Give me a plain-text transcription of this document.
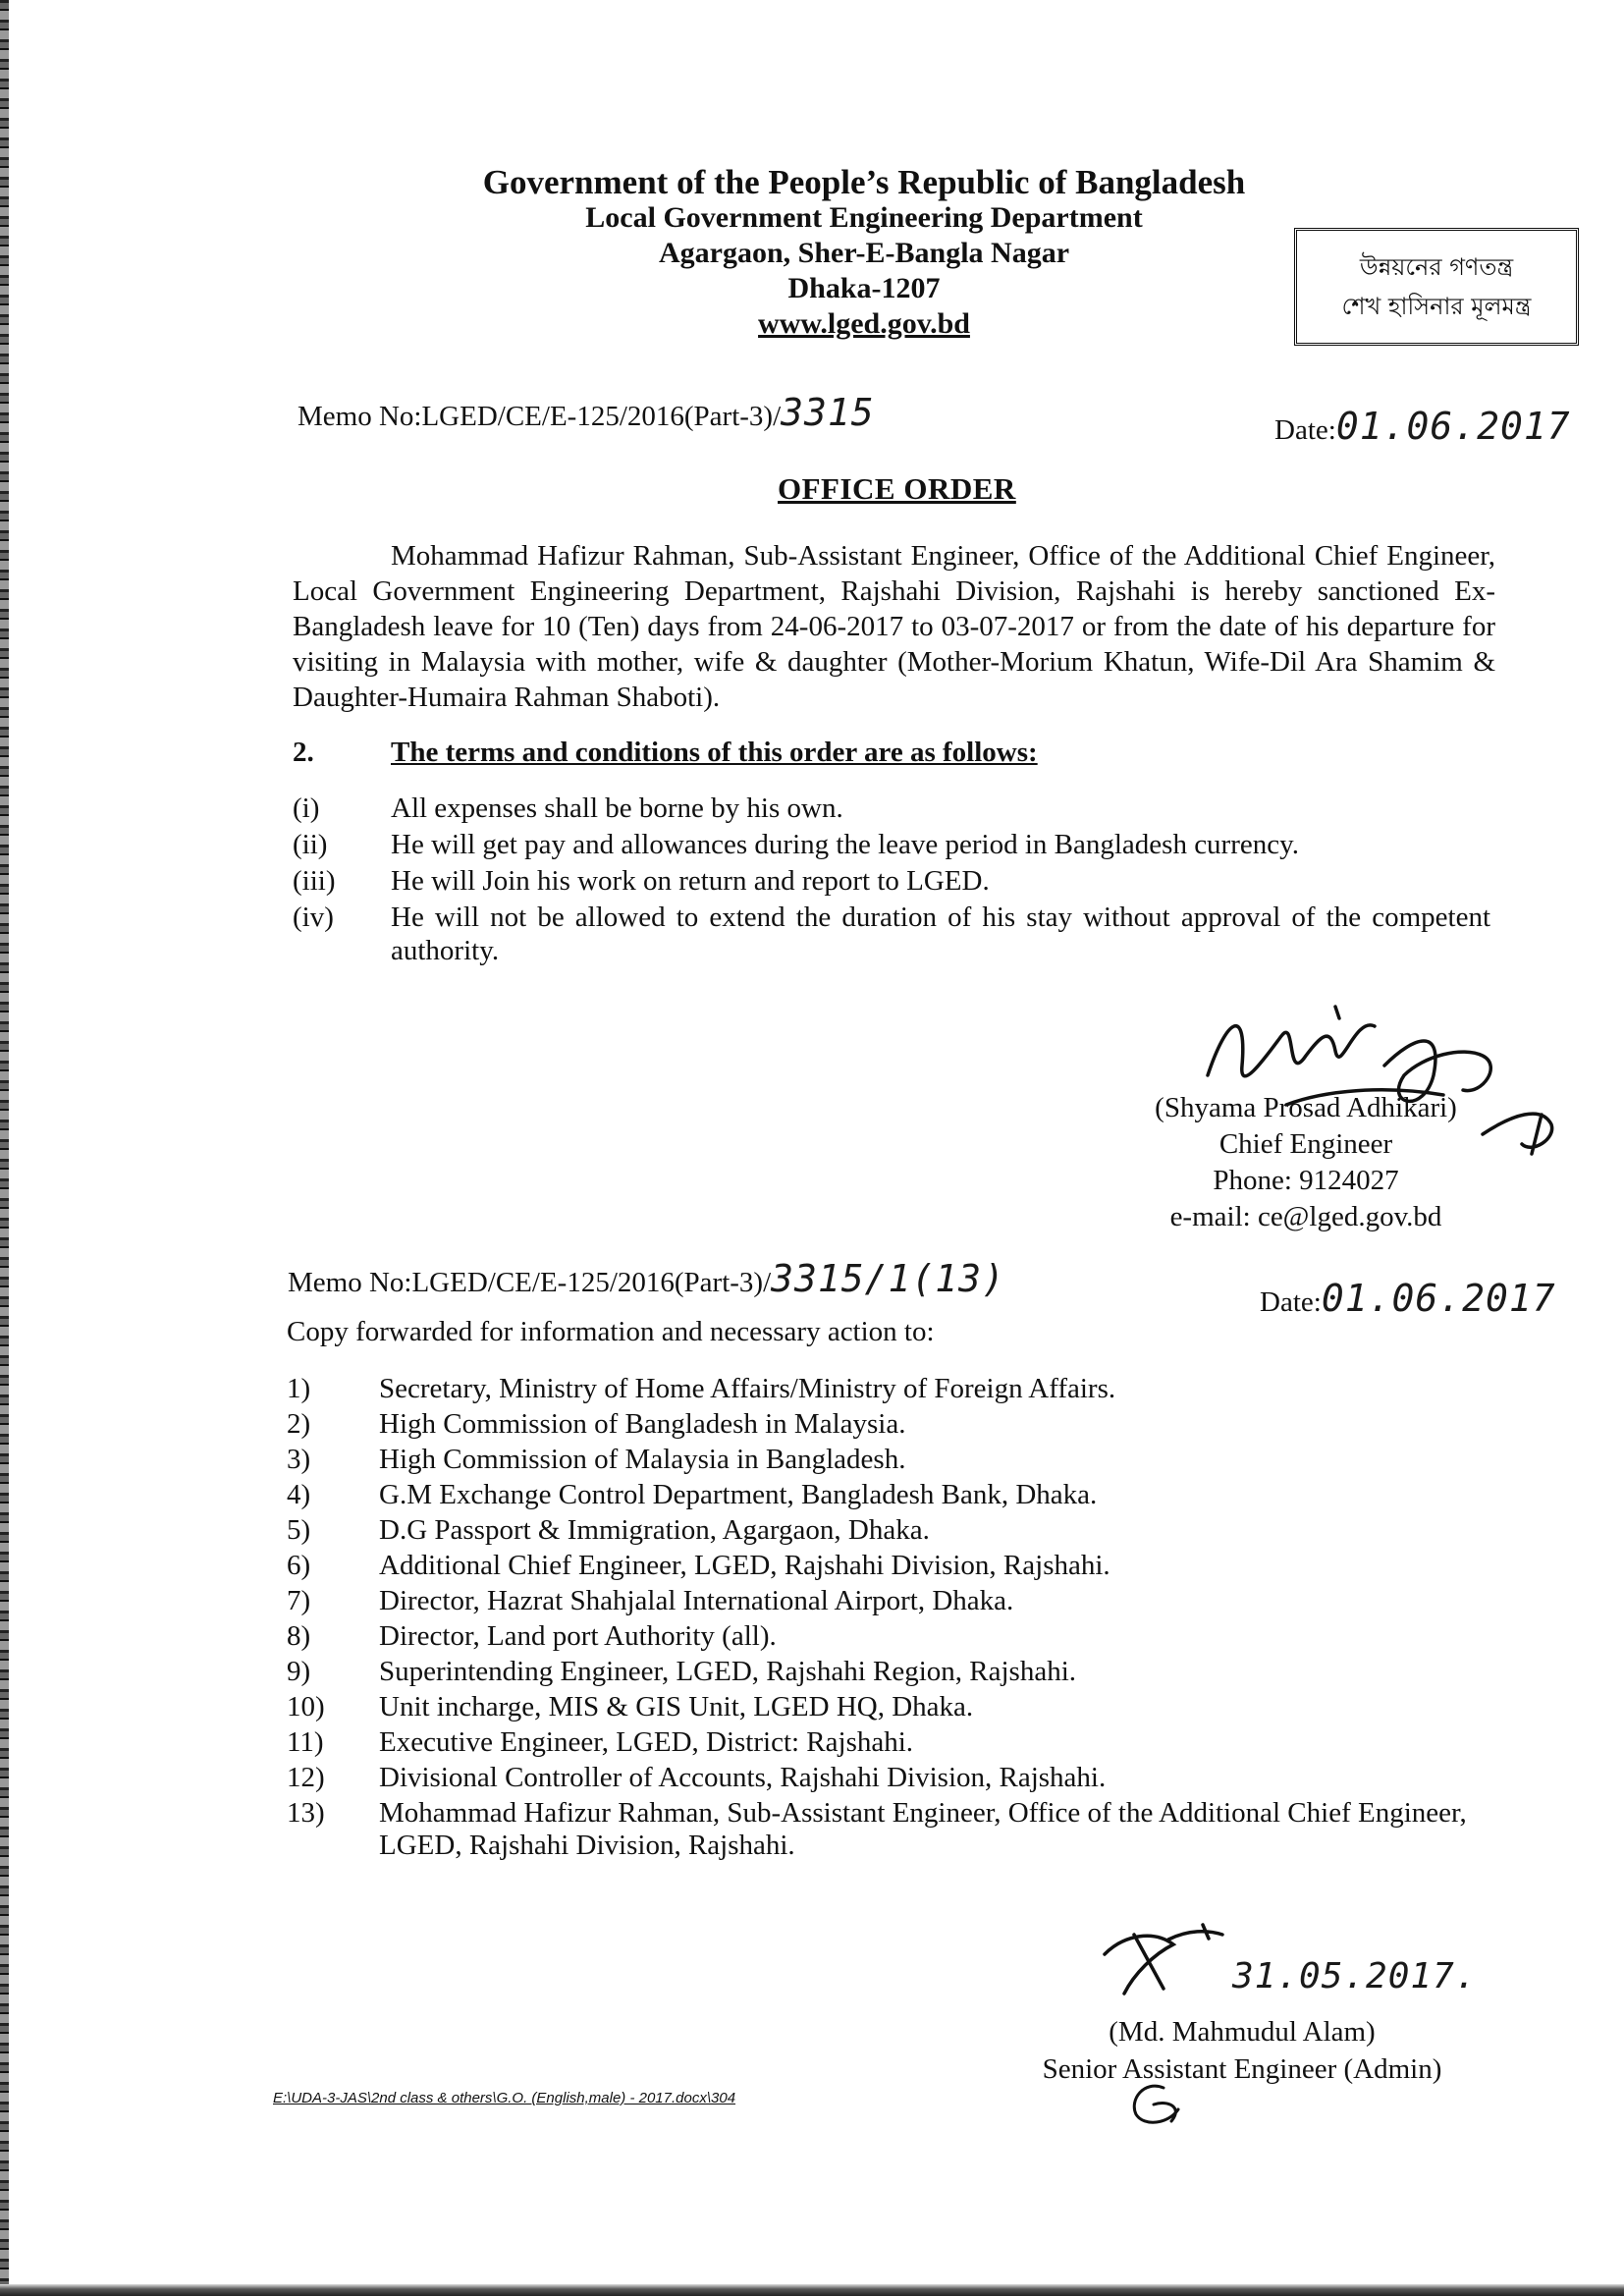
Government of the People’s Republic of Bangladesh
Local Government Engineering Department
Agargaon, Sher-E-Bangla Nagar
Dhaka-1207
www.lged.gov.bd
উন্নয়নের গণতন্ত্র
শেখ হাসিনার মূলমন্ত্র
Memo No:LGED/CE/E-125/2016(Part-3)/3315	Date:01.06.2017
OFFICE ORDER
Mohammad Hafizur Rahman, Sub-Assistant Engineer, Office of the Additional Chief Engineer, Local Government Engineering Department, Rajshahi Division, Rajshahi is hereby sanctioned Ex-Bangladesh leave for 10 (Ten) days from 24-06-2017 to 03-07-2017 or from the date of his departure for visiting in Malaysia with mother, wife & daughter (Mother-Morium Khatun, Wife-Dil Ara Shamim & Daughter-Humaira Rahman Shaboti).
2.	The terms and conditions of this order are as follows:
(i)	All expenses shall be borne by his own.
(ii)	He will get pay and allowances during the leave period in Bangladesh currency.
(iii)	He will Join his work on return and report to LGED.
(iv)	He will not be allowed to extend the duration of his stay without approval of the competent authority.
(Shyama Prosad Adhikari)
Chief Engineer
Phone: 9124027
e-mail: ce@lged.gov.bd
Memo No:LGED/CE/E-125/2016(Part-3)/3315/1(13)
Date:01.06.2017
Copy forwarded for information and necessary action to:
1)	Secretary, Ministry of Home Affairs/Ministry of Foreign Affairs.
2)	High Commission of Bangladesh in Malaysia.
3)	High Commission of Malaysia in Bangladesh.
4)	G.M Exchange Control Department, Bangladesh Bank, Dhaka.
5)	D.G Passport & Immigration, Agargaon, Dhaka.
6)	Additional Chief Engineer, LGED, Rajshahi Division, Rajshahi.
7)	Director, Hazrat Shahjalal International Airport, Dhaka.
8)	Director, Land port Authority (all).
9)	Superintending Engineer, LGED, Rajshahi Region, Rajshahi.
10)	Unit incharge, MIS & GIS Unit, LGED HQ, Dhaka.
11)	Executive Engineer, LGED, District: Rajshahi.
12)	Divisional Controller of Accounts, Rajshahi Division, Rajshahi.
13)	Mohammad Hafizur Rahman, Sub-Assistant Engineer, Office of the Additional Chief Engineer, LGED, Rajshahi Division, Rajshahi.
31.05.2017.
(Md. Mahmudul Alam)
Senior Assistant Engineer (Admin)
E:\UDA-3-JAS\2nd class & others\G.O. (English,male) - 2017.docx\304
